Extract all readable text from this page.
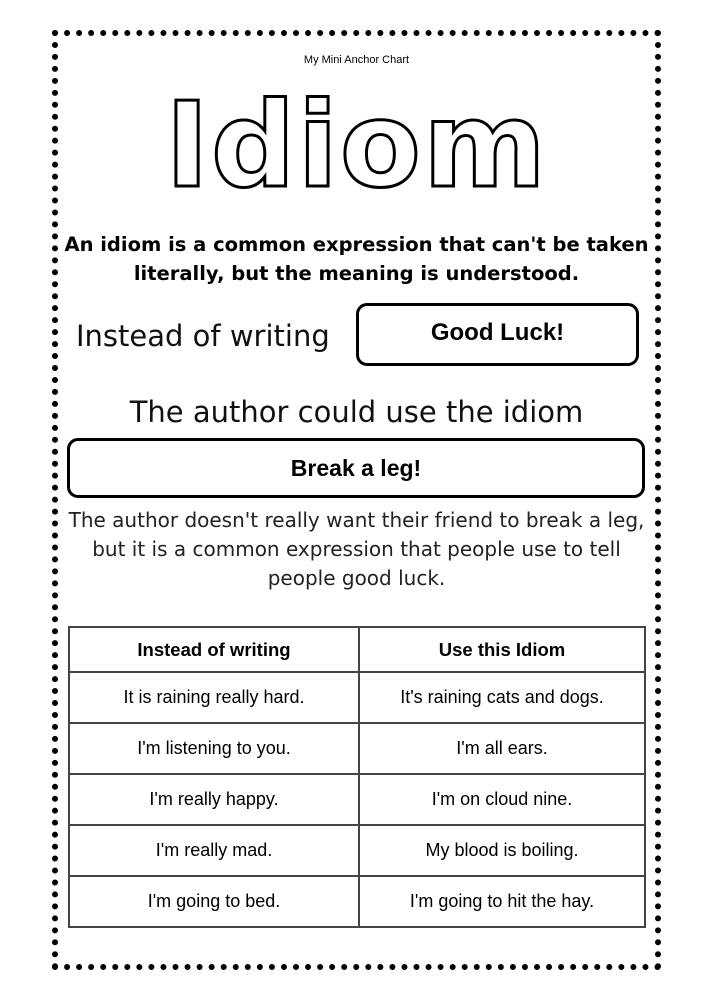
My Mini Anchor Chart
Idiom
An idiom is a common expression that can't be taken literally, but the meaning is understood.
Instead of writing	Good Luck!
The author could use the idiom
Break a leg!
The author doesn't really want their friend to break a leg, but it is a common expression that people use to tell people good luck.
Instead of writing	Use this Idiom
It is raining really hard.	It's raining cats and dogs.
I'm listening to you.	I'm all ears.
I'm really happy.	I'm on cloud nine.
I'm really mad.	My blood is boiling.
I'm going to bed.	I'm going to hit the hay.
